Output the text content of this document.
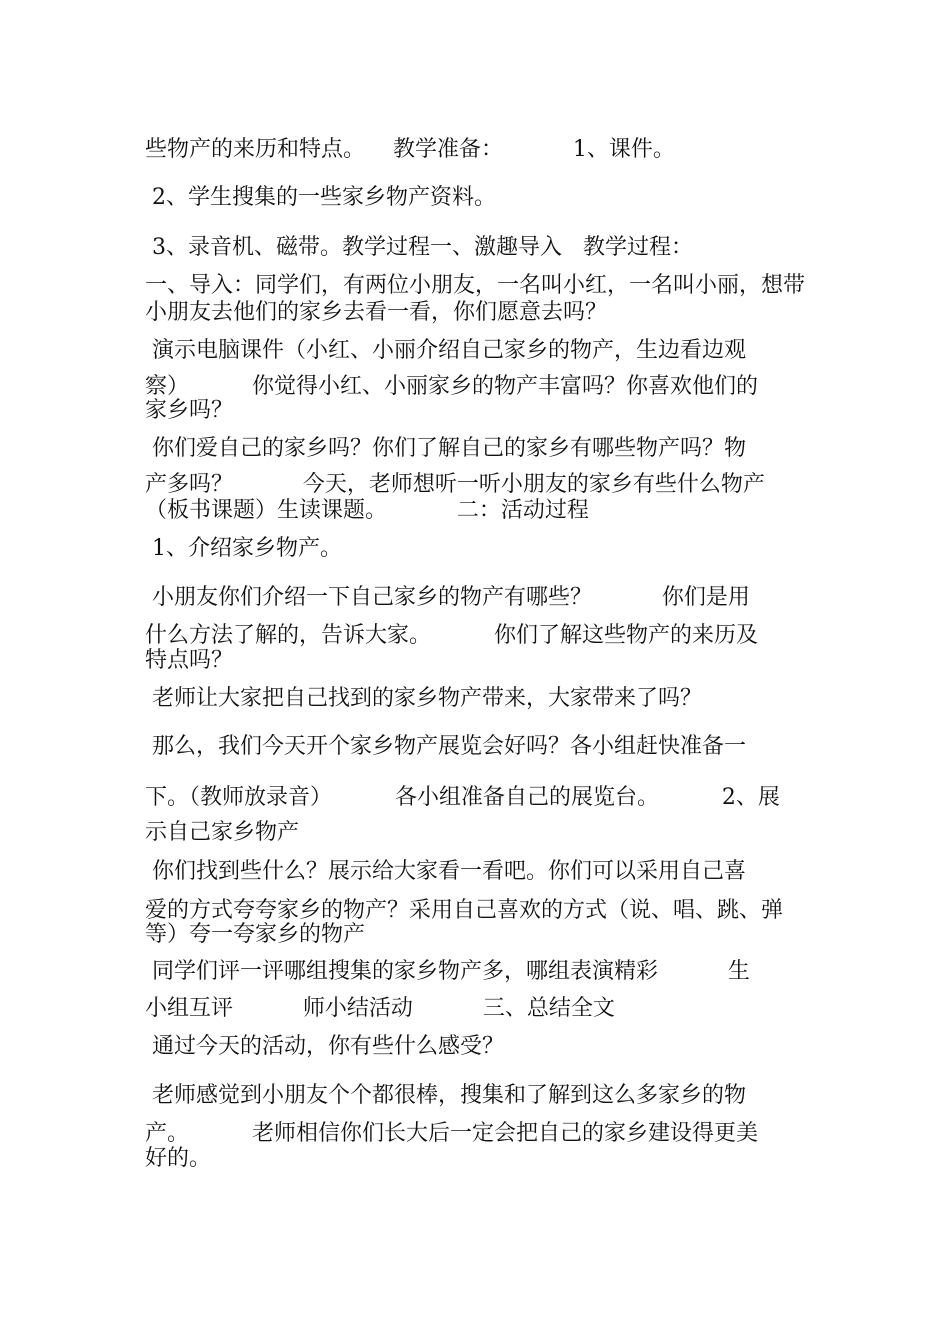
些物产的来历和特点。    教学准备：          1、课件。
2、学生搜集的一些家乡物产资料。
3、录音机、磁带。教学过程一、激趣导入   教学过程：
一、导入：同学们，有两位小朋友，一名叫小红，一名叫小丽，想带
小朋友去他们的家乡去看一看，你们愿意去吗？
演示电脑课件（小红、小丽介绍自己家乡的物产，生边看边观
察）         你觉得小红、小丽家乡的物产丰富吗？你喜欢他们的
家乡吗？
你们爱自己的家乡吗？你们了解自己的家乡有哪些物产吗？物
产多吗？          今天，老师想听一听小朋友的家乡有些什么物产
（板书课题）生读课题。          二：活动过程
1、介绍家乡物产。
小朋友你们介绍一下自己家乡的物产有哪些？          你们是用
什么方法了解的，告诉大家。         你们了解这些物产的来历及
特点吗？
老师让大家把自己找到的家乡物产带来，大家带来了吗？
那么，我们今天开个家乡物产展览会好吗？各小组赶快准备一
下。（教师放录音）         各小组准备自己的展览台。         2、展
示自己家乡物产
你们找到些什么？展示给大家看一看吧。你们可以采用自己喜
爱的方式夸夸家乡的物产？采用自己喜欢的方式（说、唱、跳、弹
等）夸一夸家乡的物产
同学们评一评哪组搜集的家乡物产多，哪组表演精彩          生
小组互评          师小结活动          三、总结全文
通过今天的活动，你有些什么感受？
老师感觉到小朋友个个都很棒，搜集和了解到这么多家乡的物
产。         老师相信你们长大后一定会把自己的家乡建设得更美
好的。
